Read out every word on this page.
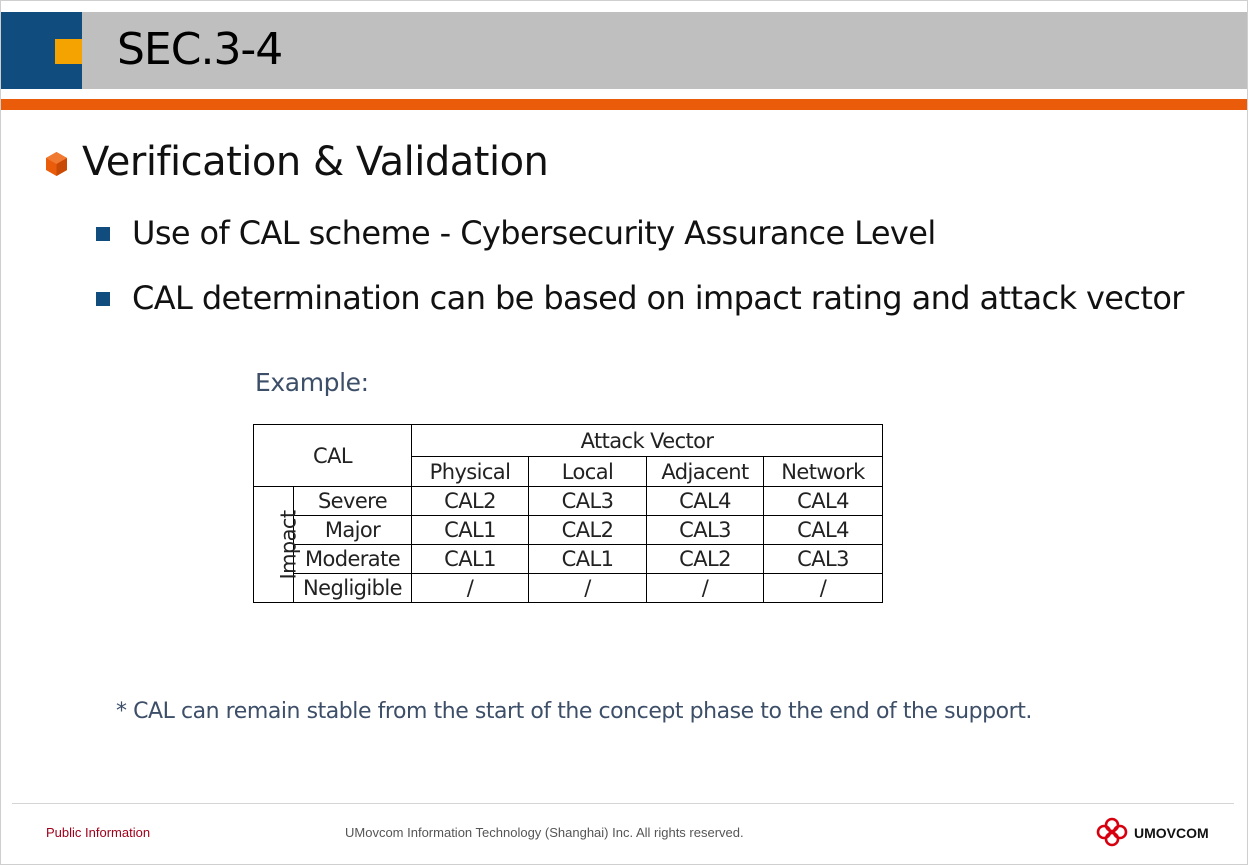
SEC.3-4
Verification & Validation
Use of CAL scheme - Cybersecurity Assurance Level
CAL determination can be based on impact rating and attack vector
Example:
CAL		Attack Vector			
		Physical	Local	Adjacent	Network
Impact	Severe	CAL2	CAL3	CAL4	CAL4
	Major	CAL1	CAL2	CAL3	CAL4
	Moderate	CAL1	CAL1	CAL2	CAL3
	Negligible	/	/	/	/
* CAL can remain stable from the start of the concept phase to the end of the support.
Public Information	UMovcom Information Technology (Shanghai) Inc. All rights reserved.	UMOVCOM
